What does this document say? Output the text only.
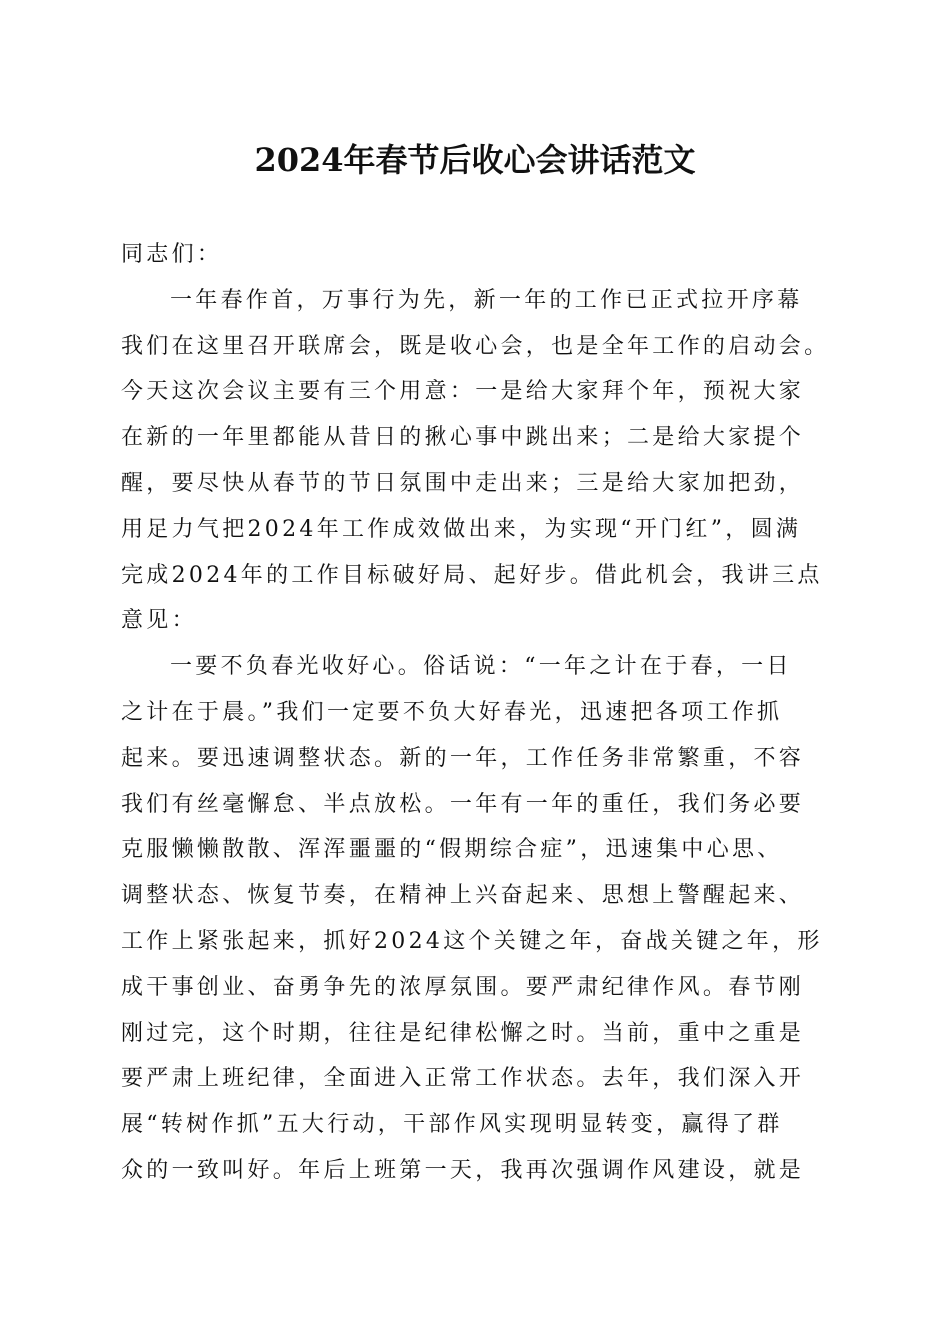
2024年春节后收心会讲话范文
同志们：
一年春作首，万事行为先，新一年的工作已正式拉开序幕
我们在这里召开联席会，既是收心会，也是全年工作的启动会。
今天这次会议主要有三个用意：一是给大家拜个年，预祝大家
在新的一年里都能从昔日的揪心事中跳出来；二是给大家提个
醒，要尽快从春节的节日氛围中走出来；三是给大家加把劲，
用足力气把2024年工作成效做出来，为实现“开门红”，圆满
完成2024年的工作目标破好局、起好步。借此机会，我讲三点
意见：
一要不负春光收好心。俗话说：“一年之计在于春，一日
之计在于晨。”我们一定要不负大好春光，迅速把各项工作抓
起来。要迅速调整状态。新的一年，工作任务非常繁重，不容
我们有丝毫懈怠、半点放松。一年有一年的重任，我们务必要
克服懒懒散散、浑浑噩噩的“假期综合症”，迅速集中心思、
调整状态、恢复节奏，在精神上兴奋起来、思想上警醒起来、
工作上紧张起来，抓好2024这个关键之年，奋战关键之年，形
成干事创业、奋勇争先的浓厚氛围。要严肃纪律作风。春节刚
刚过完，这个时期，往往是纪律松懈之时。当前，重中之重是
要严肃上班纪律，全面进入正常工作状态。去年，我们深入开
展“转树作抓”五大行动，干部作风实现明显转变，赢得了群
众的一致叫好。年后上班第一天，我再次强调作风建设，就是
